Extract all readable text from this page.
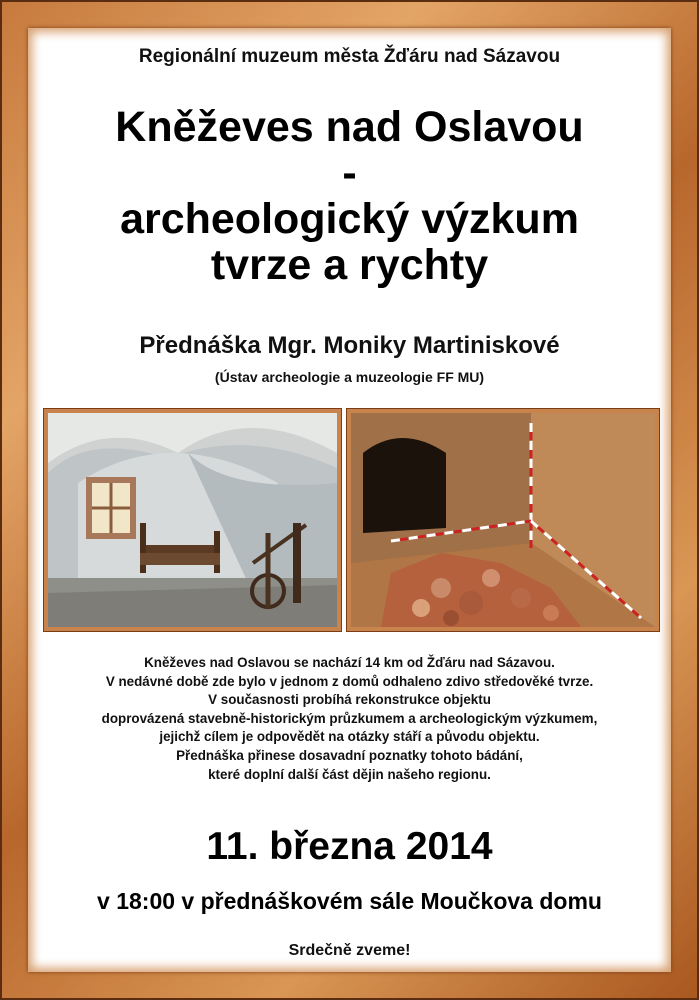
Regionální muzeum města Žďáru nad Sázavou
Kněževes nad Oslavou
-
archeologický výzkum
tvrze a rychty
Přednáška Mgr. Moniky Martiniskové
(Ústav archeologie a muzeologie FF MU)
Kněževes nad Oslavou se nachází 14 km od Žďáru nad Sázavou.
V nedávné době zde bylo v jednom z domů odhaleno zdivo středověké tvrze.
V současnosti probíhá rekonstrukce objektu
doprovázená stavebně-historickým průzkumem a archeologickým výzkumem,
jejichž cílem je odpovědět na otázky stáří a původu objektu.
Přednáška přinese dosavadní poznatky tohoto bádání,
které doplní další část dějin našeho regionu.
11. března 2014
v 18:00 v přednáškovém sále Moučkova domu
Srdečně zveme!
